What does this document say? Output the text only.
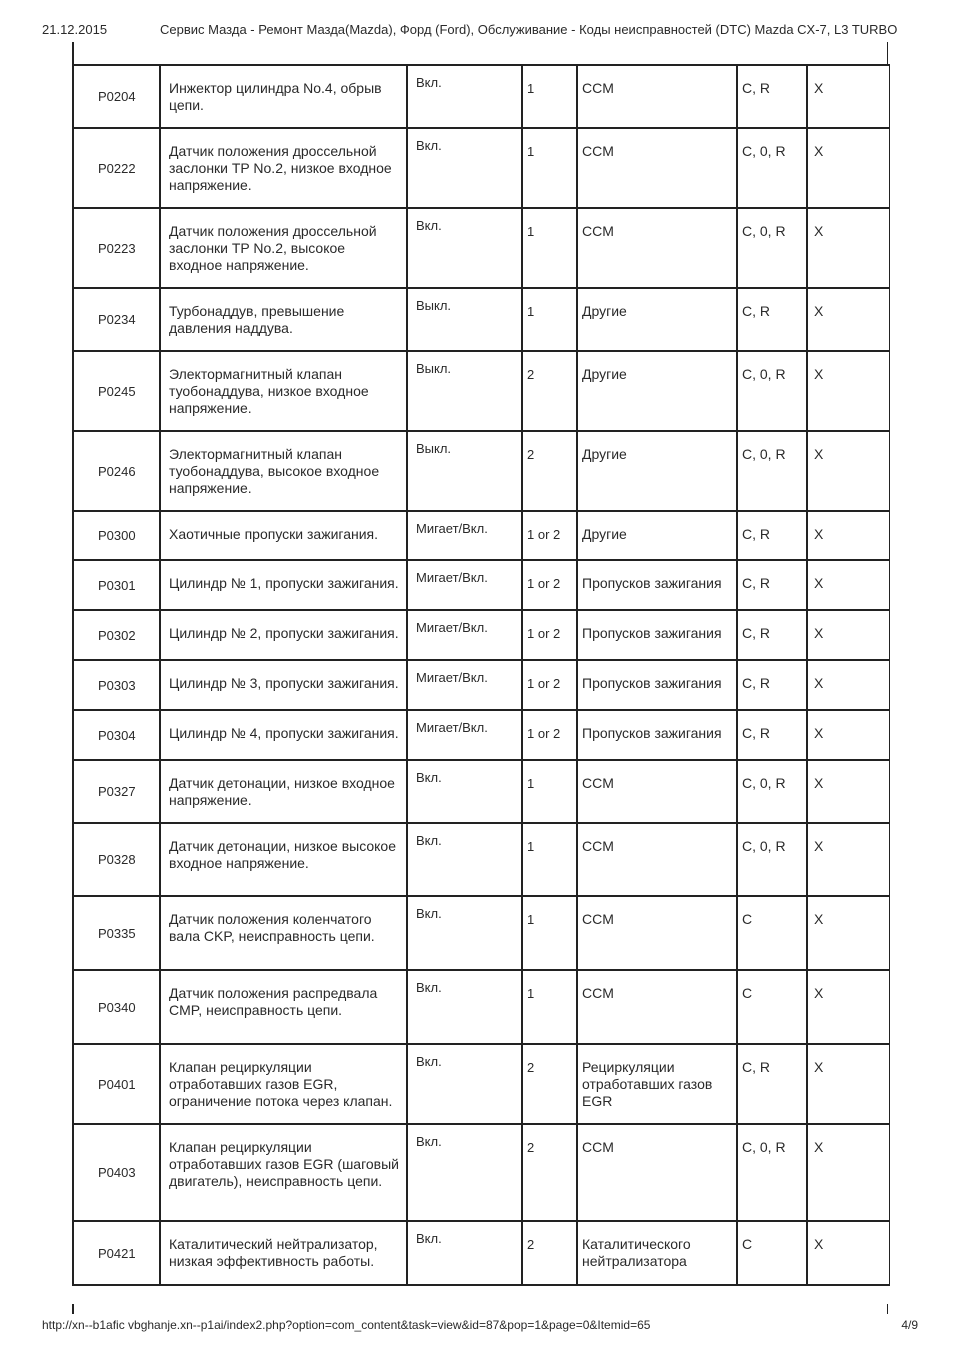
21.12.2015	Сервис Мазда - Ремонт Мазда(Mazda), Форд (Ford), Обслуживание - Коды неисправностей (DTC) Mazda CX-7, L3 TURBO
P0204	Инжектор цилиндра No.4, обрыв цепи.	Вкл.	1	CCM	C, R	X
P0222	Датчик положения дроссельной заслонки TP No.2, низкое входное напряжение.	Вкл.	1	CCM	C, 0, R	X
P0223	Датчик положения дроссельной заслонки TP No.2, высокое входное напряжение.	Вкл.	1	CCM	C, 0, R	X
P0234	Турбонаддув, превышение давления наддува.	Выкл.	1	Другие	C, R	X
P0245	Электормагнитный клапан туобонаддува, низкое входное напряжение.	Выкл.	2	Другие	C, 0, R	X
P0246	Электормагнитный клапан туобонаддува, высокое входное напряжение.	Выкл.	2	Другие	C, 0, R	X
P0300	Хаотичные пропуски зажигания.	Мигает/Вкл.	1 or 2	Другие	C, R	X
P0301	Цилиндр № 1, пропуски зажигания.	Мигает/Вкл.	1 or 2	Пропусков зажигания	C, R	X
P0302	Цилиндр № 2, пропуски зажигания.	Мигает/Вкл.	1 or 2	Пропусков зажигания	C, R	X
P0303	Цилиндр № 3, пропуски зажигания.	Мигает/Вкл.	1 or 2	Пропусков зажигания	C, R	X
P0304	Цилиндр № 4, пропуски зажигания.	Мигает/Вкл.	1 or 2	Пропусков зажигания	C, R	X
P0327	Датчик детонации, низкое входное напряжение.	Вкл.	1	CCM	C, 0, R	X
P0328	Датчик детонации, низкое высокое входное напряжение.	Вкл.	1	CCM	C, 0, R	X
P0335	Датчик положения коленчатого вала CKP, неисправность цепи.	Вкл.	1	CCM	C	X
P0340	Датчик положения распредвала CMP, неисправность цепи.	Вкл.	1	CCM	C	X
P0401	Клапан рециркуляции отработавших газов EGR, ограничение потока через клапан.	Вкл.	2	Рециркуляции отработавших газов EGR	C, R	X
P0403	Клапан рециркуляции отработавших газов EGR (шаговый двигатель), неисправность цепи.	Вкл.	2	CCM	C, 0, R	X
P0421	Каталитический нейтрализатор, низкая эффективность работы.	Вкл.	2	Каталитического нейтрализатора	C	X
http://xn--b1afic vbghanje.xn--p1ai/index2.php?option=com_content&task=view&id=87&pop=1&page=0&Itemid=65	4/9
